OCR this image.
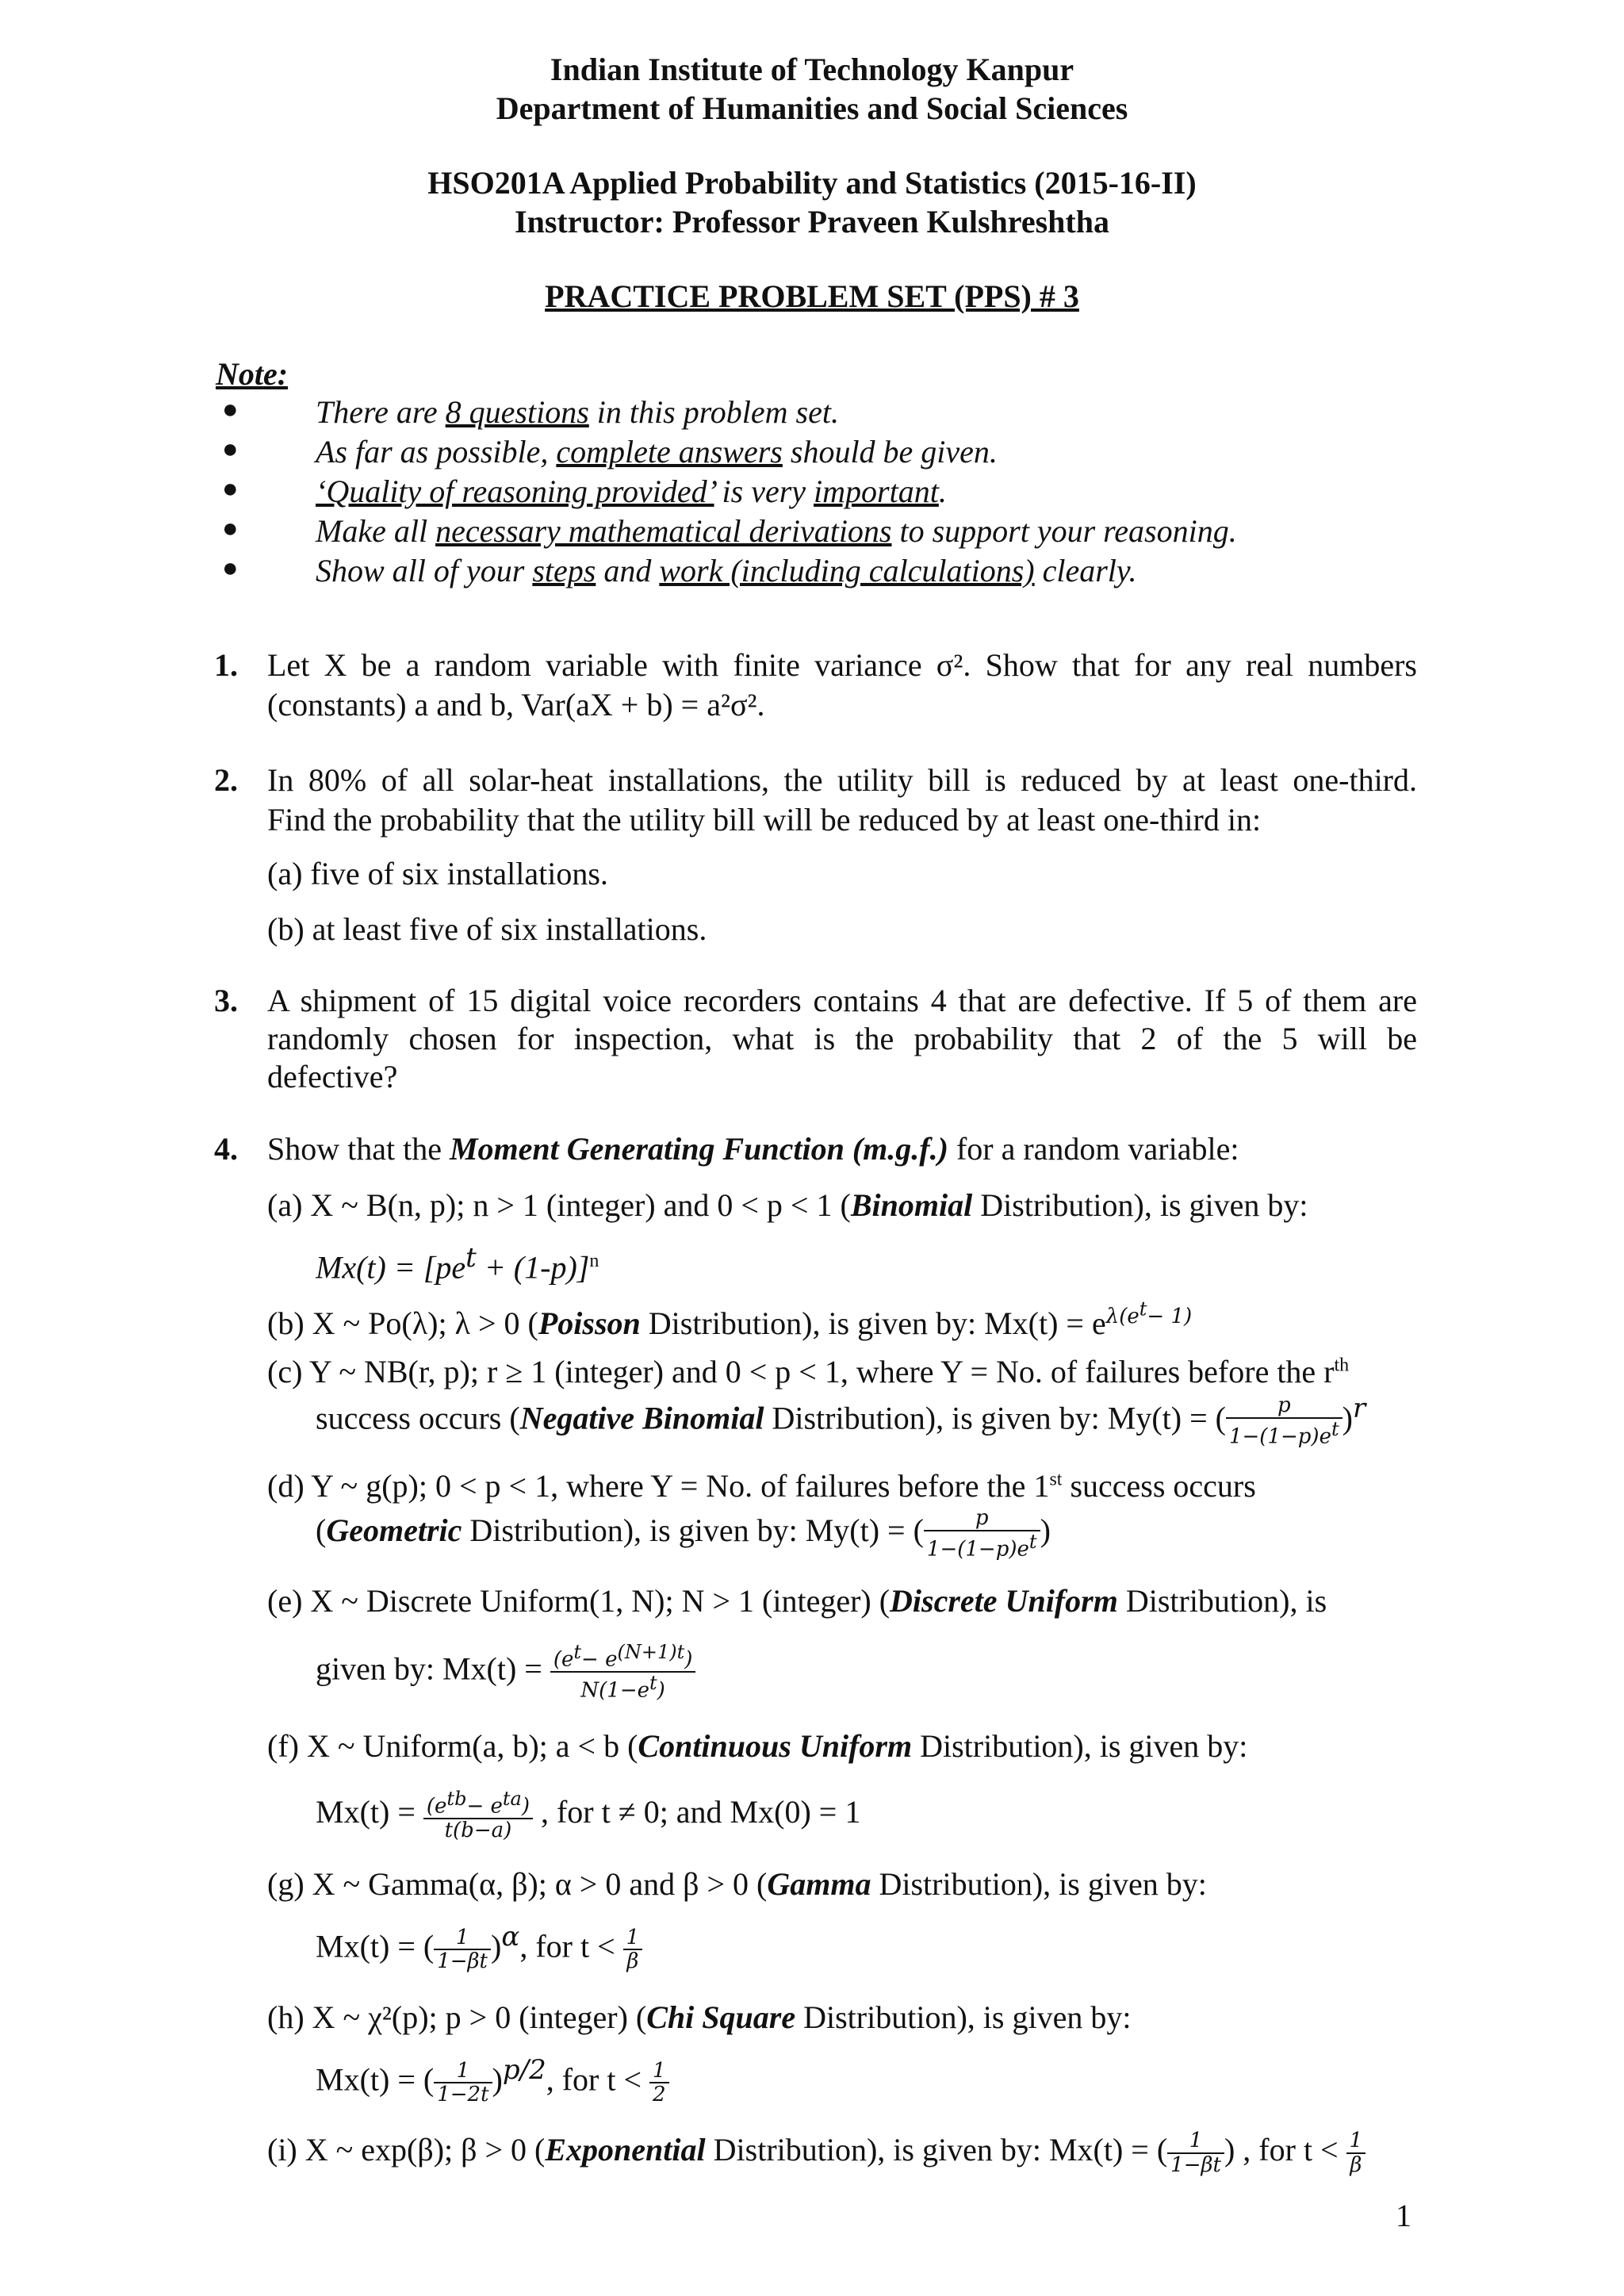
Indian Institute of Technology Kanpur
Department of Humanities and Social Sciences
HSO201A Applied Probability and Statistics (2015-16-II)
Instructor: Professor Praveen Kulshreshtha
PRACTICE PROBLEM SET (PPS) # 3
Note:
● There are 8 questions in this problem set.
● As far as possible, complete answers should be given.
● ‘Quality of reasoning provided’ is very important.
● Make all necessary mathematical derivations to support your reasoning.
● Show all of your steps and work (including calculations) clearly.
1. Let X be a random variable with finite variance σ². Show that for any real numbers
(constants) a and b, Var(aX + b) = a²σ².
2. In 80% of all solar-heat installations, the utility bill is reduced by at least one-third.
Find the probability that the utility bill will be reduced by at least one-third in:
(a) five of six installations.
(b) at least five of six installations.
3. A shipment of 15 digital voice recorders contains 4 that are defective. If 5 of them are
randomly chosen for inspection, what is the probability that 2 of the 5 will be
defective?
4. Show that the Moment Generating Function (m.g.f.) for a random variable:
(a) X ~ B(n, p); n > 1 (integer) and 0 < p < 1 (Binomial Distribution), is given by:
$Mx(t) = [pe^t + (1-p)]^n$
(b) X ~ Po(λ); λ > 0 (Poisson Distribution), is given by: $Mx(t) = e^{\lambda(e^t- 1)}$
(c) Y ~ NB(r, p); r ≥ 1 (integer) and 0 < p < 1, where Y = No. of failures before the $r^{th}$
success occurs (Negative Binomial Distribution), is given by: My(t) = ( $\frac{p}{1-(1-p)e^t} )^r$
(d) Y ~ g(p); 0 < p < 1, where Y = No. of failures before the 1st success occurs
(Geometric Distribution), is given by: My(t) = ( $\frac{p}{1-(1-p)e^t}$ )
(e) X ~ Discrete Uniform(1, N); N > 1 (integer) (Discrete Uniform Distribution), is
given by: $Mx(t) = \frac{(e^t- e^{(N+1)t})}{N(1-e^t)}$
(f) X ~ Uniform(a, b); a < b (Continuous Uniform Distribution), is given by:
$Mx(t) = \frac{(e^{tb}- e^{ta})}{t(b-a)}$ , for t ≠ 0; and Mx(0) = 1
(g) X ~ Gamma(α, β); α > 0 and β > 0 (Gamma Distribution), is given by:
Mx(t) = ( $\frac{1}{1-\beta t} )^\alpha$, for $t < \frac{1}{\beta}$
(h) X ~ χ²(p); p > 0 (integer) (Chi Square Distribution), is given by:
Mx(t) = ( $\frac{1}{1-2t} )^{p/2}$, for $t < \frac{1}{2}$
(i) X ~ exp(β); β > 0 (Exponential Distribution), is given by: Mx(t) = ( $\frac{1}{1-\beta t}$ ) , for $t < \frac{1}{\beta}$
1
